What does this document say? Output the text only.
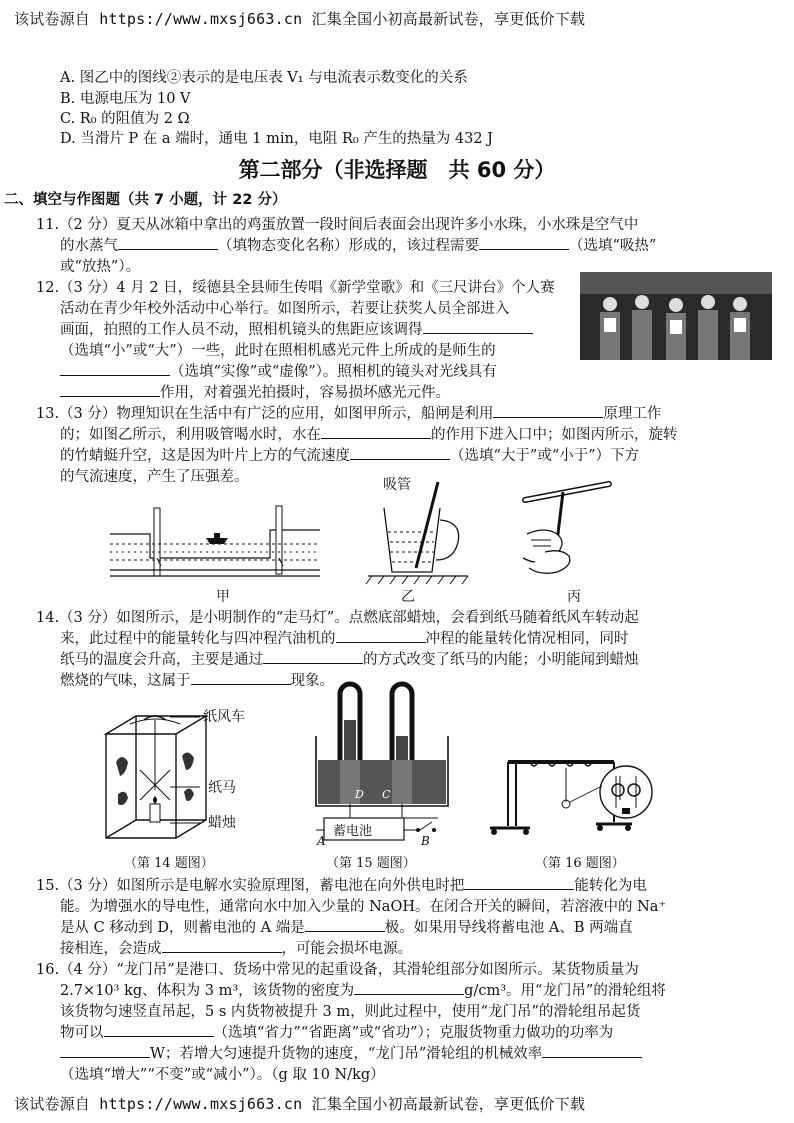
该试卷源自 https://www.mxsj663.cn 汇集全国小初高最新试卷，享更低价下载
A. 图乙中的图线②表示的是电压表 V₁ 与电流表示数变化的关系
B. 电源电压为 10 V
C. R₀ 的阻值为 2 Ω
D. 当滑片 P 在 a 端时，通电 1 min，电阻 R₀ 产生的热量为 432 J
第二部分（非选择题　共 60 分）
二、填空与作图题（共 7 小题，计 22 分）
11.（2 分）夏天从冰箱中拿出的鸡蛋放置一段时间后表面会出现许多小水珠，小水珠是空气中
的水蒸气	（填物态变化名称）形成的，该过程需要	（选填“吸热”
或“放热”）。
12.（3 分）4 月 2 日，绥德县全县师生传唱《新学堂歌》和《三尺讲台》个人赛
活动在青少年校外活动中心举行。如图所示，若要让获奖人员全部进入
画面，拍照的工作人员不动，照相机镜头的焦距应该调得
（选填“小”或“大”）一些，此时在照相机感光元件上所成的是师生的
（选填“实像”或“虚像”）。照相机的镜头对光线具有
作用，对着强光拍摄时，容易损坏感光元件。
13.（3 分）物理知识在生活中有广泛的应用，如图甲所示，船闸是利用	原理工作
的；如图乙所示，利用吸管喝水时，水在	的作用下进入口中；如图丙所示，旋转
的竹蜻蜓升空，这是因为叶片上方的气流速度	（选填“大于”或“小于”）下方
的气流速度，产生了压强差。	吸管
甲	乙	丙
14.（3 分）如图所示，是小明制作的“走马灯”。点燃底部蜡烛，会看到纸马随着纸风车转动起
来，此过程中的能量转化与四冲程汽油机的	冲程的能量转化情况相同，同时
纸马的温度会升高，主要是通过	的方式改变了纸马的内能；小明能闻到蜡烛
燃烧的气味，这属于	现象。
纸风车
纸马
蜡烛
（第 14 题图）
蓄电池
A	B
D C
（第 15 题图）	（第 16 题图）
15.（3 分）如图所示是电解水实验原理图，蓄电池在向外供电时把	能转化为电
能。为增强水的导电性，通常向水中加入少量的 NaOH。在闭合开关的瞬间，若溶液中的 Na⁺
是从 C 移动到 D，则蓄电池的 A 端是	极。如果用导线将蓄电池 A、B 两端直
接相连，会造成	，可能会损坏电源。
16.（4 分）“龙门吊”是港口、货场中常见的起重设备，其滑轮组部分如图所示。某货物质量为
2.7×10³ kg、体积为 3 m³，该货物的密度为	g/cm³。用“龙门吊”的滑轮组将
该货物匀速竖直吊起，5 s 内货物被提升 3 m，则此过程中，使用“龙门吊”的滑轮组吊起货
物可以	（选填“省力”“省距离”或“省功”）；克服货物重力做功的功率为
W；若增大匀速提升货物的速度，“龙门吊”滑轮组的机械效率
（选填“增大”“不变”或“减小”）。（g 取 10 N/kg）
该试卷源自 https://www.mxsj663.cn 汇集全国小初高最新试卷，享更低价下载
